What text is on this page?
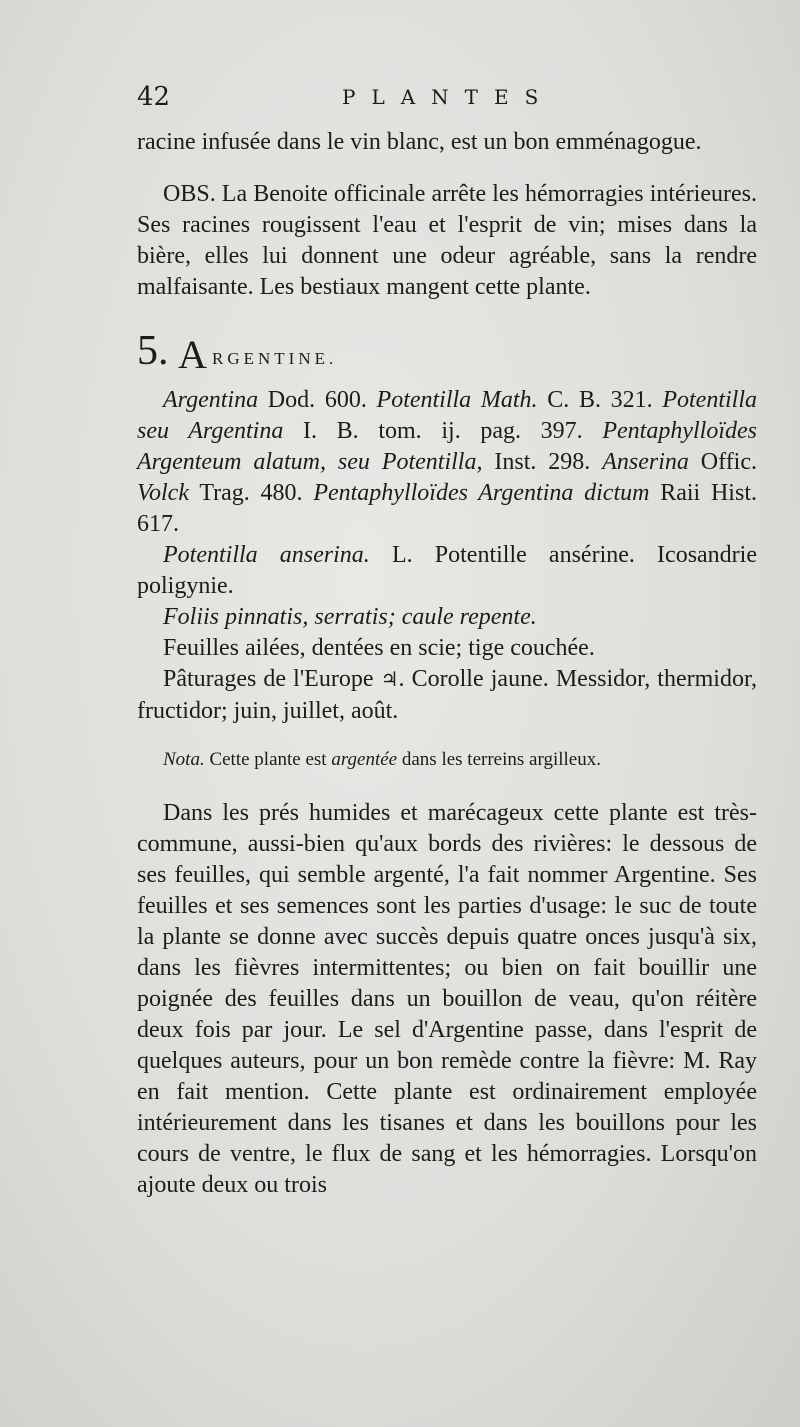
42	PLANTES

racine infusée dans le vin blanc, est un bon emménagogue.

OBS. La Benoite officinale arrête les hémorragies intérieures. Ses racines rougissent l'eau et l'esprit de vin; mises dans la bière, elles lui donnent une odeur agréable, sans la rendre malfaisante. Les bestiaux mangent cette plante.

5. A RGENTINE.

Argentina Dod. 600. Potentilla Math. C. B. 321. Potentilla seu Argentina I. B. tom. ij. pag. 397. Pentaphylloïdes Argenteum alatum, seu Potentilla, Inst. 298. Anserina Offic. Volck Trag. 480. Pentaphylloïdes Argentina dictum Raii Hist. 617.

Potentilla anserina. L. Potentille ansérine. Icosandrie poligynie.

Foliis pinnatis, serratis; caule repente.

Feuilles ailées, dentées en scie; tige couchée.

Pâturages de l'Europe ♃. Corolle jaune. Messidor, thermidor, fructidor; juin, juillet, août.

Nota. Cette plante est argentée dans les terreins argilleux.

Dans les prés humides et marécageux cette plante est très-commune, aussi-bien qu'aux bords des rivières: le dessous de ses feuilles, qui semble argenté, l'a fait nommer Argentine. Ses feuilles et ses semences sont les parties d'usage: le suc de toute la plante se donne avec succès depuis quatre onces jusqu'à six, dans les fièvres intermittentes; ou bien on fait bouillir une poignée des feuilles dans un bouillon de veau, qu'on réitère deux fois par jour. Le sel d'Argentine passe, dans l'esprit de quelques auteurs, pour un bon remède contre la fièvre: M. Ray en fait mention. Cette plante est ordinairement employée intérieurement dans les tisanes et dans les bouillons pour les cours de ventre, le flux de sang et les hémorragies. Lorsqu'on ajoute deux ou trois
